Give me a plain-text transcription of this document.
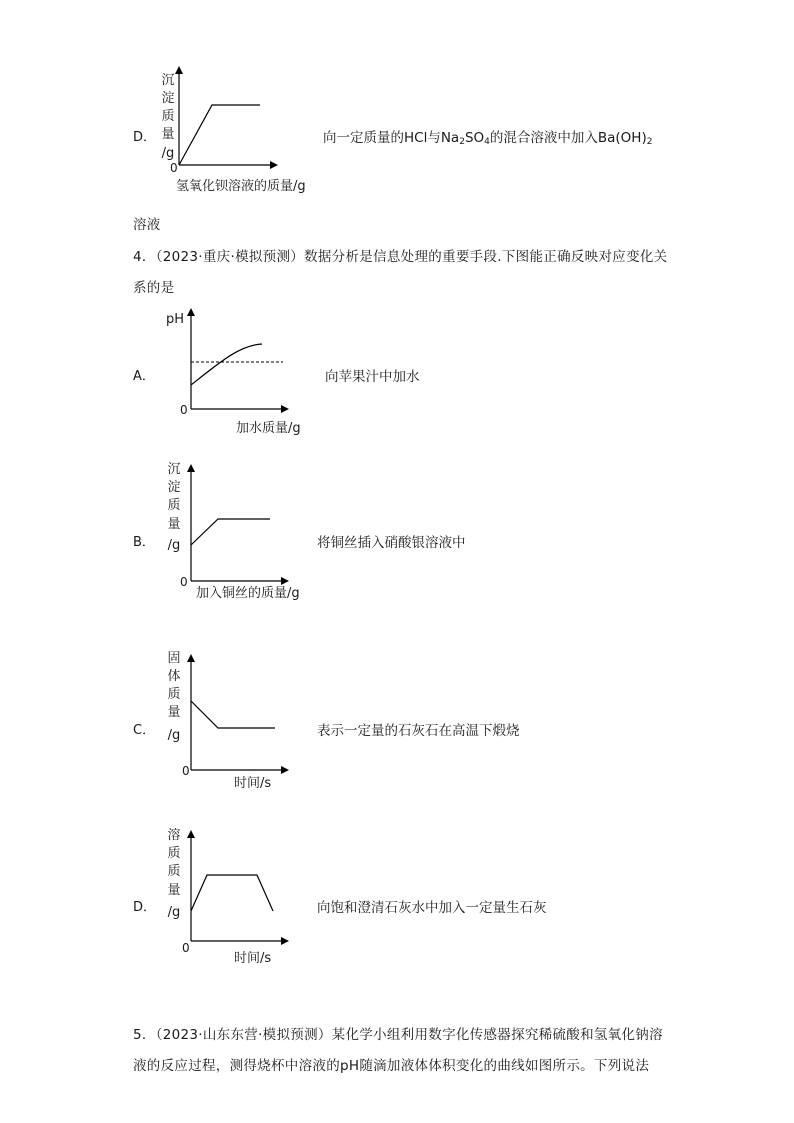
D．
沉
淀
质
量
/g
0
氢氧化钡溶液的质量/g
向一定质量的HCl与$Na_2SO_4$的混合溶液中加入$Ba(OH)_2$
溶液
4．（2023·重庆·模拟预测）数据分析是信息处理的重要手段.下图能正确反映对应变化关
系的是
A．
pH
0
加水质量/g
向苹果汁中加水
B．
沉
淀
质
量
/g
0
加入铜丝的质量/g
将铜丝插入硝酸银溶液中
C．
固
体
质
量
/g
0
时间/s
表示一定量的石灰石在高温下煅烧
D．
溶
质
质
量
/g
0
时间/s
向饱和澄清石灰水中加入一定量生石灰
5．（2023·山东东营·模拟预测）某化学小组利用数字化传感器探究稀硫酸和氢氧化钠溶
液的反应过程，测得烧杯中溶液的pH随滴加液体体积变化的曲线如图所示。下列说法
